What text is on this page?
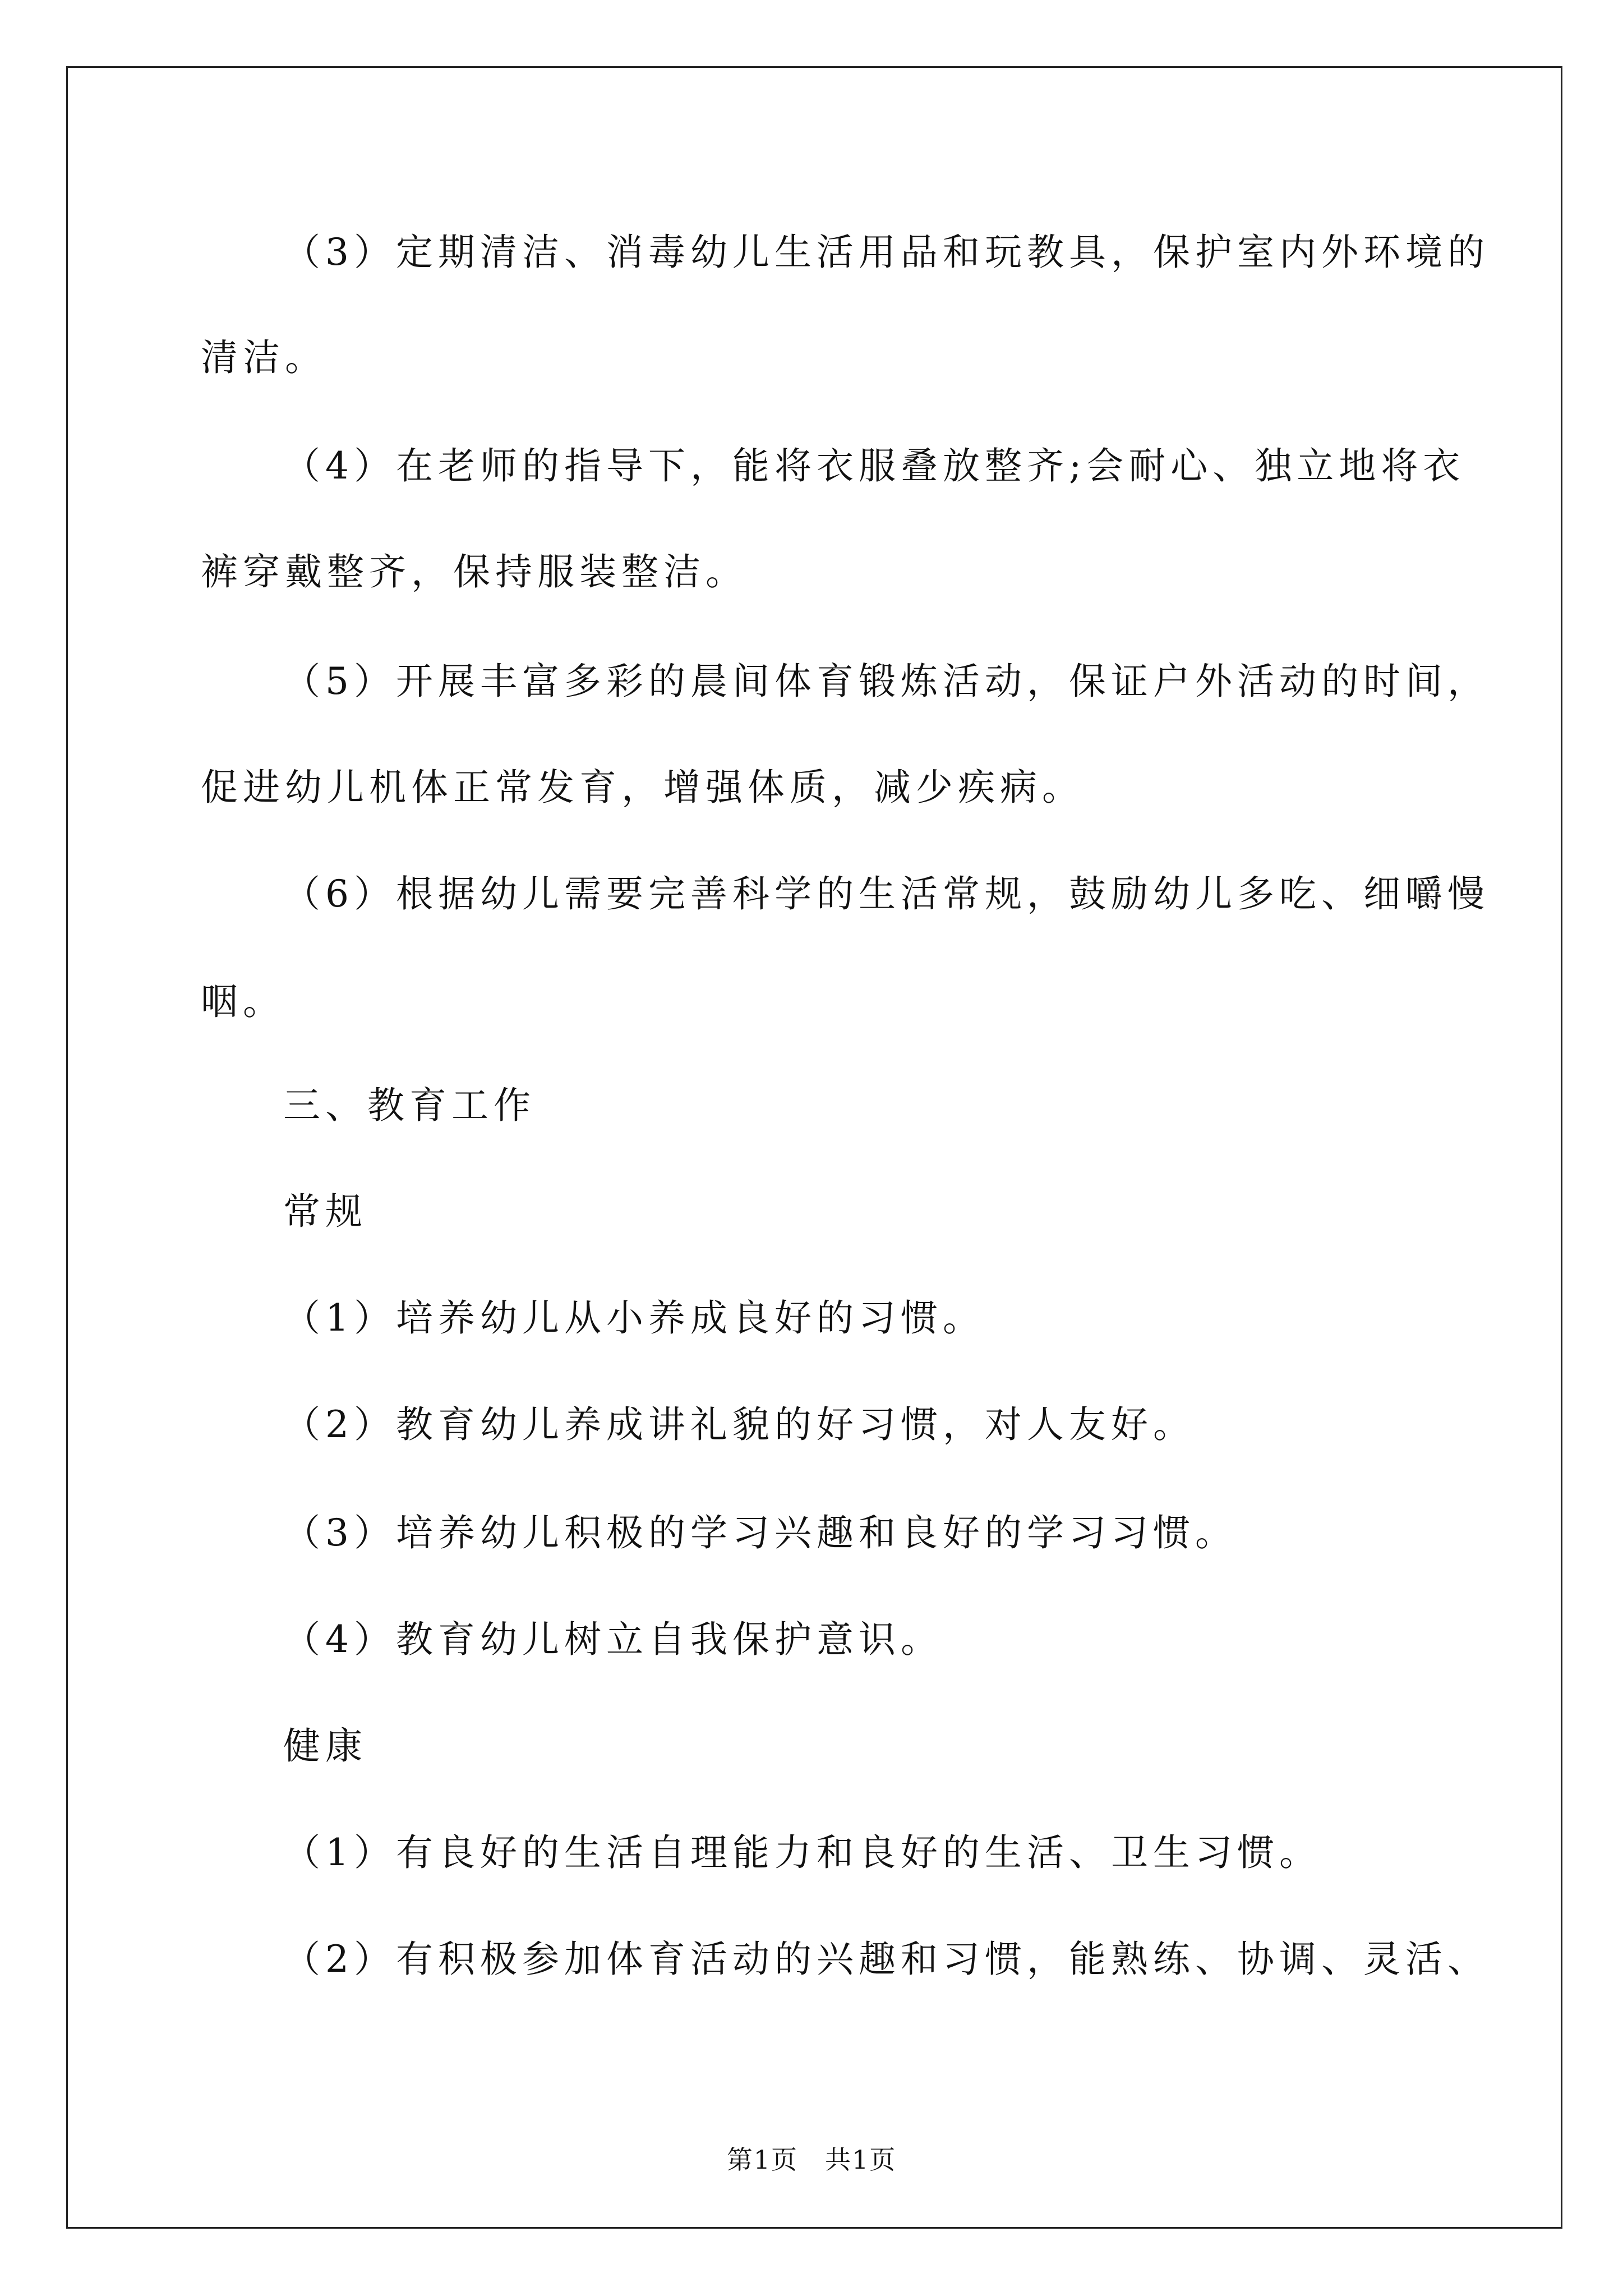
（3）定期清洁、消毒幼儿生活用品和玩教具，保护室内外环境的

清洁。

（4）在老师的指导下，能将衣服叠放整齐;会耐心、独立地将衣

裤穿戴整齐，保持服装整洁。

（5）开展丰富多彩的晨间体育锻炼活动，保证户外活动的时间，

促进幼儿机体正常发育，增强体质，减少疾病。

（6）根据幼儿需要完善科学的生活常规，鼓励幼儿多吃、细嚼慢

咽。

三、教育工作

常规

（1）培养幼儿从小养成良好的习惯。

（2）教育幼儿养成讲礼貌的好习惯，对人友好。

（3）培养幼儿积极的学习兴趣和良好的学习习惯。

（4）教育幼儿树立自我保护意识。

健康

（1）有良好的生活自理能力和良好的生活、卫生习惯。

（2）有积极参加体育活动的兴趣和习惯，能熟练、协调、灵活、

第1页　共1页
